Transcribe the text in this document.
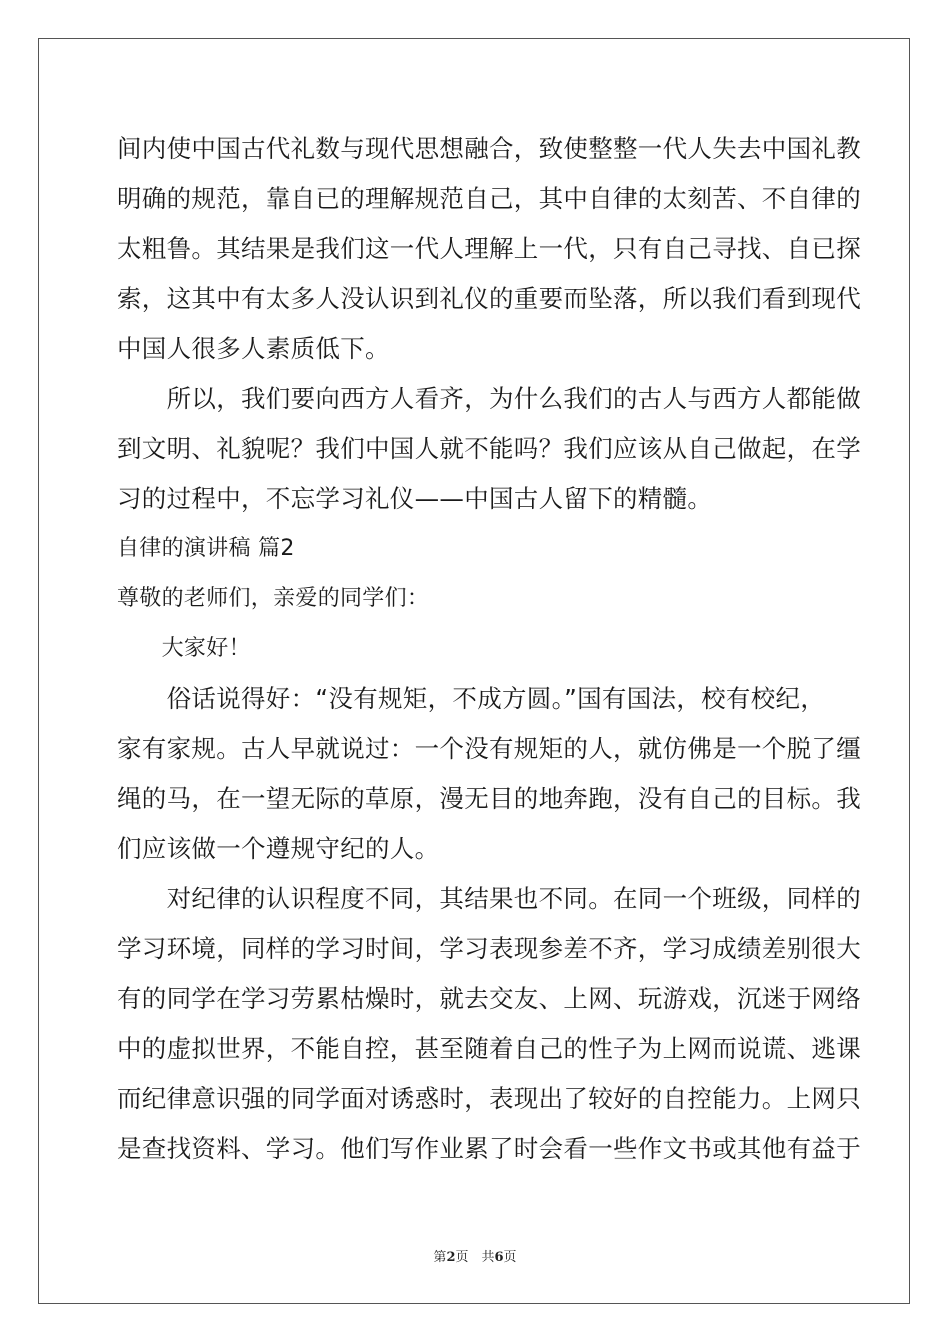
间内使中国古代礼数与现代思想融合，致使整整一代人失去中国礼教
明确的规范，靠自已的理解规范自己，其中自律的太刻苦、不自律的
太粗鲁。其结果是我们这一代人理解上一代，只有自己寻找、自已探
索，这其中有太多人没认识到礼仪的重要而坠落，所以我们看到现代
中国人很多人素质低下。
　　所以，我们要向西方人看齐，为什么我们的古人与西方人都能做
到文明、礼貌呢？我们中国人就不能吗？我们应该从自己做起，在学
习的过程中，不忘学习礼仪——中国古人留下的精髓。
自律的演讲稿 篇2
尊敬的老师们，亲爱的同学们：
　　大家好！
　　俗话说得好：“没有规矩，不成方圆。”国有国法，校有校纪，
家有家规。古人早就说过：一个没有规矩的人，就仿佛是一个脱了缰
绳的马，在一望无际的草原，漫无目的地奔跑，没有自己的目标。我
们应该做一个遵规守纪的人。
　　对纪律的认识程度不同，其结果也不同。在同一个班级，同样的
学习环境，同样的学习时间，学习表现参差不齐，学习成绩差别很大
有的同学在学习劳累枯燥时，就去交友、上网、玩游戏，沉迷于网络
中的虚拟世界，不能自控，甚至随着自己的性子为上网而说谎、逃课
而纪律意识强的同学面对诱惑时，表现出了较好的自控能力。上网只
是查找资料、学习。他们写作业累了时会看一些作文书或其他有益于
第2页　共6页
